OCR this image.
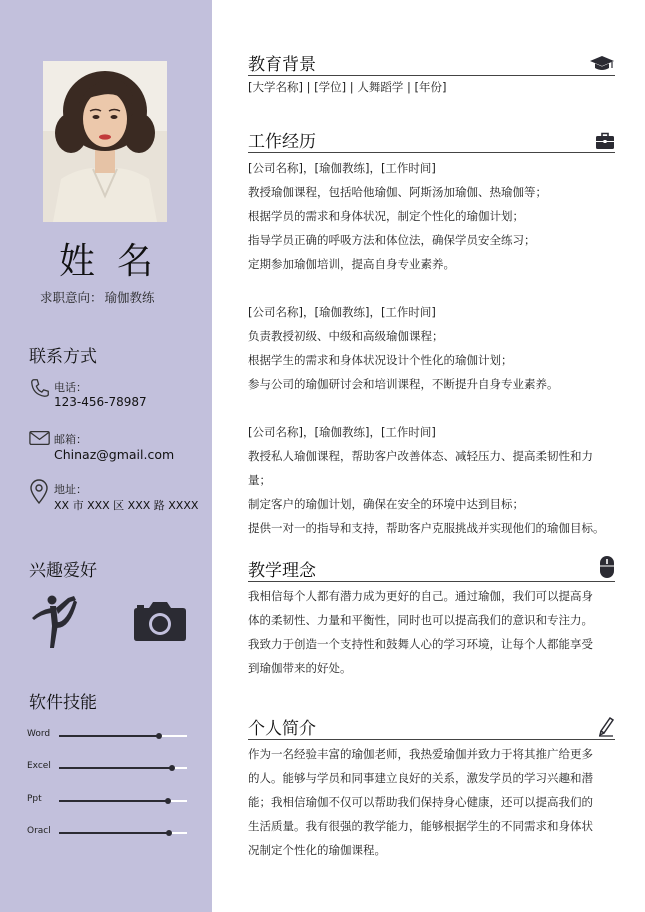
姓名
求职意向： 瑜伽教练
联系方式
电话：
123-456-78987
邮箱：
Chinaz@gmail.com
地址：
XX 市 XXX 区 XXX 路 XXXX
兴趣爱好
软件技能
Word
Excel
Ppt
Oracl
教育背景
[大学名称] | [学位] | 人舞蹈学 | [年份]
工作经历

[公司名称]，[瑜伽教练]，[工作时间]

教授瑜伽课程，包括哈他瑜伽、阿斯汤加瑜伽、热瑜伽等；

根据学员的需求和身体状况，制定个性化的瑜伽计划；

指导学员正确的呼吸方法和体位法，确保学员安全练习；

定期参加瑜伽培训，提高自身专业素养。

[公司名称]，[瑜伽教练]，[工作时间]

负责教授初级、中级和高级瑜伽课程；

根据学生的需求和身体状况设计个性化的瑜伽计划；

参与公司的瑜伽研讨会和培训课程，不断提升自身专业素养。

[公司名称]，[瑜伽教练]，[工作时间]

教授私人瑜伽课程，帮助客户改善体态、减轻压力、提高柔韧性和力

量；

制定客户的瑜伽计划，确保在安全的环境中达到目标；

提供一对一的指导和支持，帮助客户克服挑战并实现他们的瑜伽目标。

教学理念

我相信每个人都有潜力成为更好的自己。通过瑜伽，我们可以提高身

体的柔韧性、力量和平衡性，同时也可以提高我们的意识和专注力。

我致力于创造一个支持性和鼓舞人心的学习环境，让每个人都能享受

到瑜伽带来的好处。

个人简介

作为一名经验丰富的瑜伽老师，我热爱瑜伽并致力于将其推广给更多

的人。能够与学员和同事建立良好的关系，激发学员的学习兴趣和潜

能；我相信瑜伽不仅可以帮助我们保持身心健康，还可以提高我们的

生活质量。我有很强的教学能力，能够根据学生的不同需求和身体状

况制定个性化的瑜伽课程。
